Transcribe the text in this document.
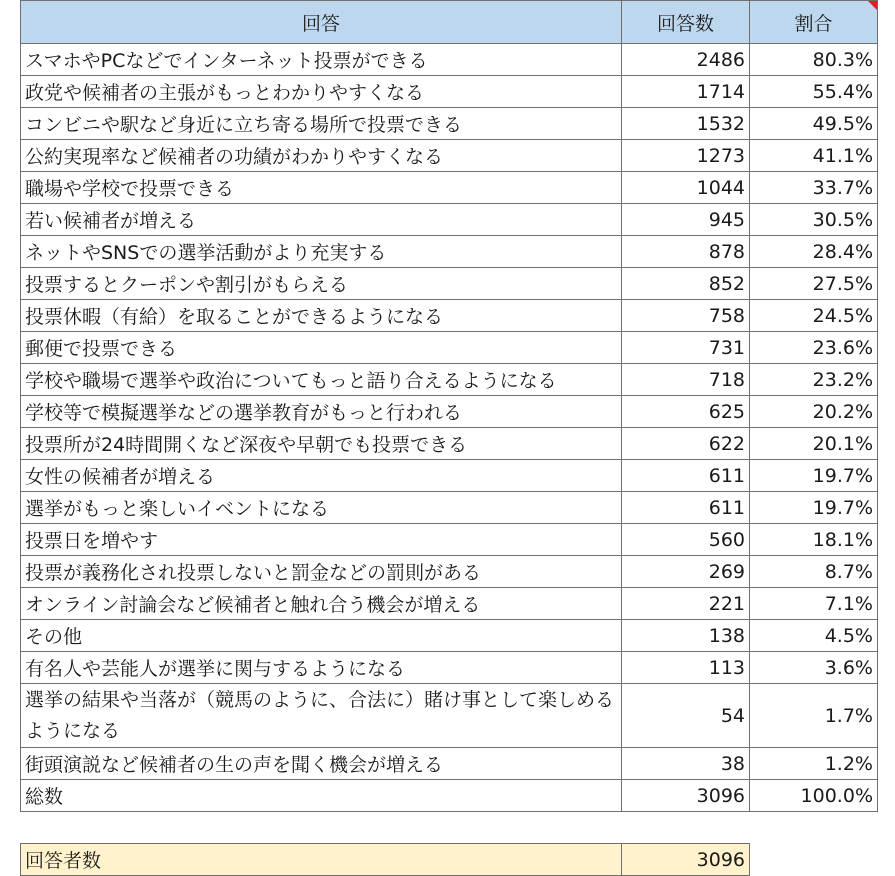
回答	回答数	割合

スマホやPCなどでインターネット投票ができる	2486	80.3%
政党や候補者の主張がもっとわかりやすくなる	1714	55.4%
コンビニや駅など身近に立ち寄る場所で投票できる	1532	49.5%
公約実現率など候補者の功績がわかりやすくなる	1273	41.1%
職場や学校で投票できる	1044	33.7%
若い候補者が増える	945	30.5%
ネットやSNSでの選挙活動がより充実する	878	28.4%
投票するとクーポンや割引がもらえる	852	27.5%
投票休暇（有給）を取ることができるようになる	758	24.5%
郵便で投票できる	731	23.6%
学校や職場で選挙や政治についてもっと語り合えるようになる	718	23.2%
学校等で模擬選挙などの選挙教育がもっと行われる	625	20.2%
投票所が24時間開くなど深夜や早朝でも投票できる	622	20.1%
女性の候補者が増える	611	19.7%
選挙がもっと楽しいイベントになる	611	19.7%
投票日を増やす	560	18.1%
投票が義務化され投票しないと罰金などの罰則がある	269	8.7%
オンライン討論会など候補者と触れ合う機会が増える	221	7.1%
その他	138	4.5%
有名人や芸能人が選挙に関与するようになる	113	3.6%
選挙の結果や当落が（競馬のように、合法に）賭け事として楽しめるようになる	54	1.7%
街頭演説など候補者の生の声を聞く機会が増える	38	1.2%
総数	3096	100.0%
回答者数	3096
